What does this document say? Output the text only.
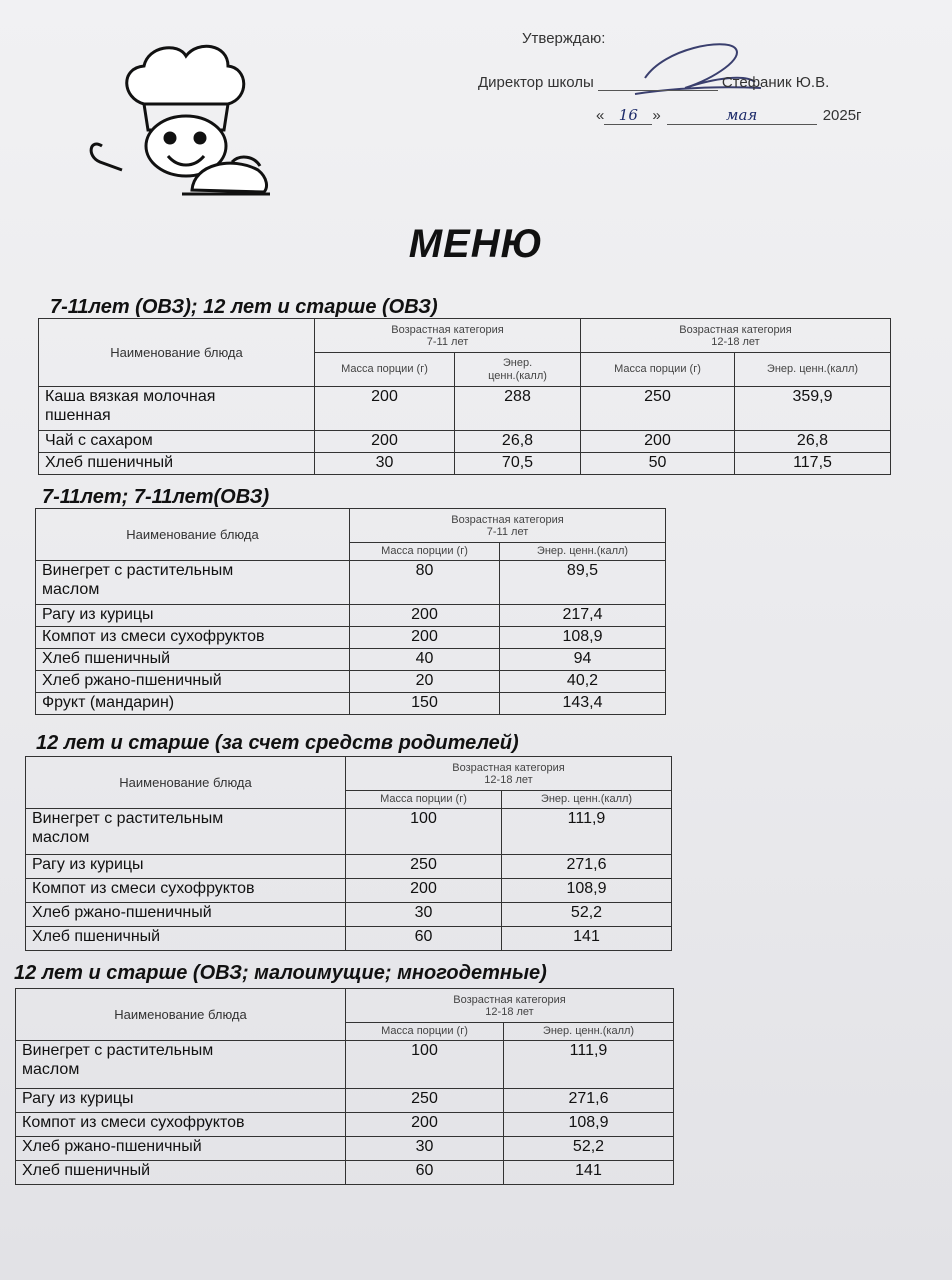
Утверждаю:
Директор школы	Стефаник Ю.В.
« 16 »	мая	2025г
МЕНЮ
7-11лет (ОВЗ); 12 лет и старше (ОВЗ)
Наименование блюда	Возрастная категория
7-11 лет		Возрастная категория
12-18 лет	
	Масса порции (г)	Энер.
ценн.(калл)	Масса порции (г)	Энер. ценн.(калл)
Каша вязкая молочная
пшенная	200	288	250	359,9
Чай с сахаром	200	26,8	200	26,8
Хлеб пшеничный	30	70,5	50	117,5
7-11лет; 7-11лет(ОВЗ)
Наименование блюда	Возрастная категория
7-11 лет	
	Масса порции (г)	Энер. ценн.(калл)
Винегрет с растительным
маслом	80	89,5
Рагу из курицы	200	217,4
Компот из смеси сухофруктов	200	108,9
Хлеб пшеничный	40	94
Хлеб ржано-пшеничный	20	40,2
Фрукт (мандарин)	150	143,4
12 лет и старше (за счет средств родителей)
Наименование блюда	Возрастная категория
12-18 лет	
	Масса порции (г)	Энер. ценн.(калл)
Винегрет с растительным
маслом	100	111,9
Рагу из курицы	250	271,6
Компот из смеси сухофруктов	200	108,9
Хлеб ржано-пшеничный	30	52,2
Хлеб пшеничный	60	141
12 лет и старше (ОВЗ; малоимущие; многодетные)
Наименование блюда	Возрастная категория
12-18 лет	
	Масса порции (г)	Энер. ценн.(калл)
Винегрет с растительным
маслом	100	111,9
Рагу из курицы	250	271,6
Компот из смеси сухофруктов	200	108,9
Хлеб ржано-пшеничный	30	52,2
Хлеб пшеничный	60	141
